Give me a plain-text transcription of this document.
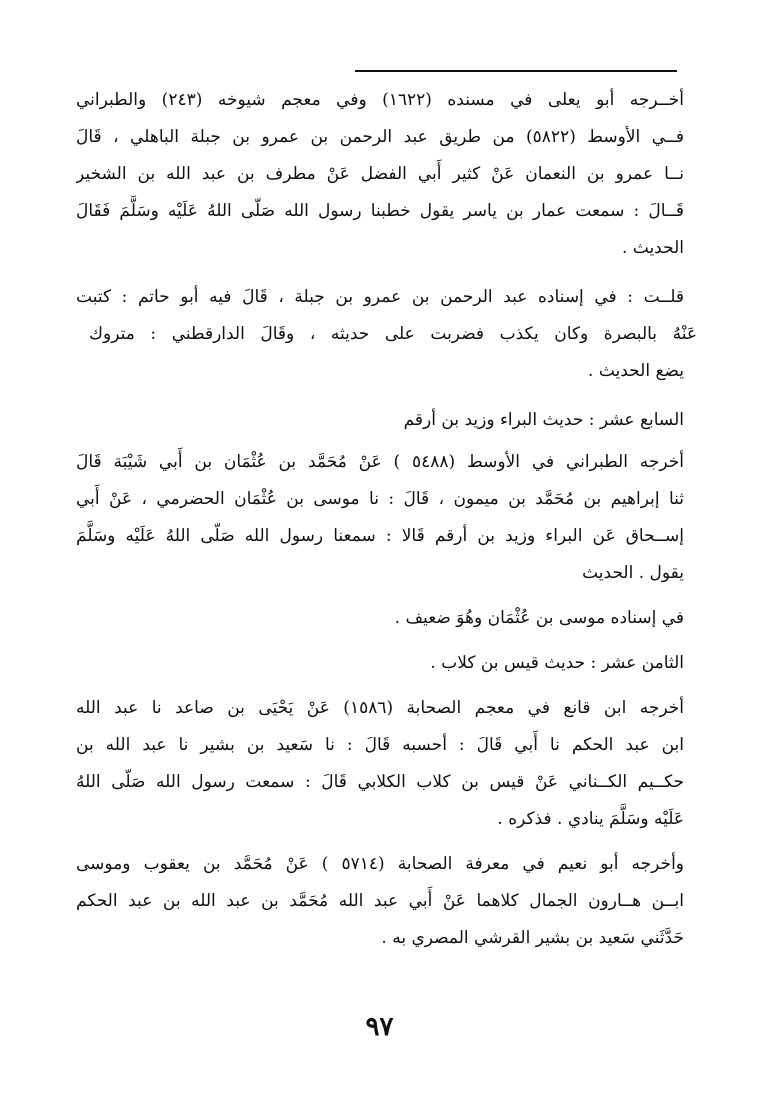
أخــرجه أبو يعلى في مسنده (١٦٢٢) وفي معجم شيوخه (٢٤٣) والطبراني
فــي الأوسط (٥٨٢٢) من طريق عبد الرحمن بن عمرو بن جبلة الباهلي ، قَالَ
نــا عمرو بن النعمان عَنْ كثير أَبي الفضل عَنْ مطرف بن عبد الله بن الشخير
قَــالَ : سمعت عمار بن ياسر يقول خطبنا رسول الله صَلّى اللهُ عَلَيْه وسَلَّمَ فَقَالَ
الحديث .
قلــت : في إسناده عبد الرحمن بن عمرو بن جبلة ، قَالَ فيه أبو حاتم : كتبت
عَنْهُ بالبصرة وكان يكذب فضربت على حديثه ، وقَالَ الدارقطني : متروك
يضع الحديث .
السابع عشر : حديث البراء وزيد بن أرقم
أخرجه الطبراني في الأوسط (٥٤٨٨ ) عَنْ مُحَمَّد بن عُثْمَان بن أَبي شَيْبَة قَالَ
ثنا إبراهيم بن مُحَمَّد بن ميمون ، قَالَ : نا موسى بن عُثْمَان الحضرمي ، عَنْ أَبي
إســحاق عَن البراء وزيد بن أرقم قَالا : سمعنا رسول الله صَلّى اللهُ عَلَيْه وسَلَّمَ
يقول . الحديث
في إسناده موسى بن عُثْمَان وهُوَ ضعيف .
الثامن عشر : حديث قيس بن كلاب .
أخرجه ابن قانع في معجم الصحابة (١٥٨٦) عَنْ يَحْيَى بن صاعد نا عبد الله
ابن عبد الحكم نا أَبي قَالَ : أحسبه قَالَ : نا سَعيد بن بشير نا عبد الله بن
حكــيم الكــناني عَنْ قيس بن كلاب الكلابي قَالَ : سمعت رسول الله صَلّى اللهُ
عَلَيْه وسَلَّمَ ينادي . فذكره .
وأخرجه أبو نعيم في معرفة الصحابة (٥٧١٤ ) عَنْ مُحَمَّد بن يعقوب وموسى
ابــن هــارون الجمال كلاهما عَنْ أَبي عبد الله مُحَمَّد بن عبد الله بن عبد الحكم
حَدَّثَني سَعيد بن بشير القرشي المصري به .
٩٧
